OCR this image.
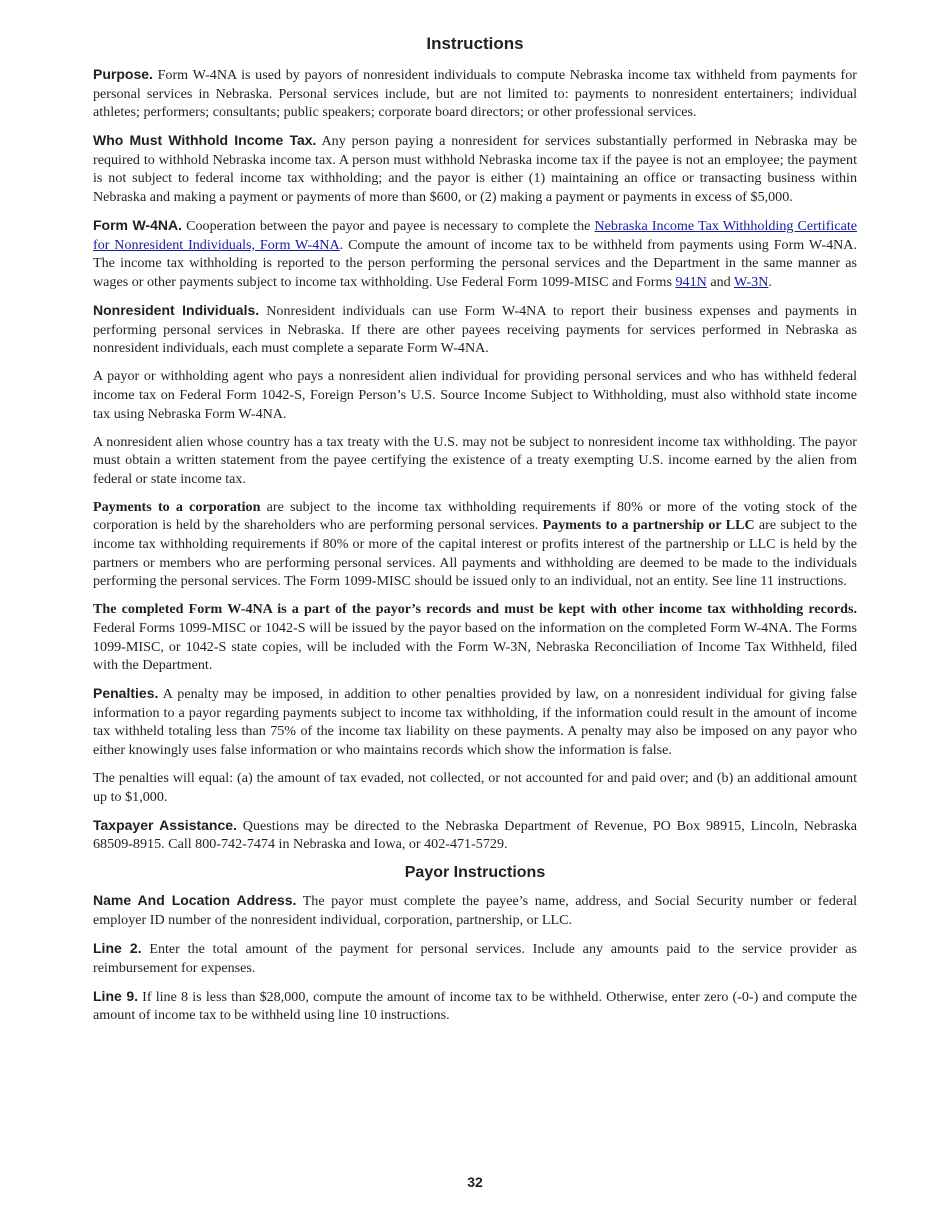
Instructions

Purpose. Form W-4NA is used by payors of nonresident individuals to compute Nebraska income tax withheld from payments for personal services in Nebraska. Personal services include, but are not limited to: payments to nonresident entertainers; individual athletes; performers; consultants; public speakers; corporate board directors; or other professional services.

Who Must Withhold Income Tax. Any person paying a nonresident for services substantially performed in Nebraska may be required to withhold Nebraska income tax. A person must withhold Nebraska income tax if the payee is not an employee; the payment is not subject to federal income tax withholding; and the payor is either (1) maintaining an office or transacting business within Nebraska and making a payment or payments of more than $600, or (2) making a payment or payments in excess of $5,000.

Form W-4NA. Cooperation between the payor and payee is necessary to complete the Nebraska Income Tax Withholding Certificate for Nonresident Individuals, Form W-4NA. Compute the amount of income tax to be withheld from payments using Form W-4NA. The income tax withholding is reported to the person performing the personal services and the Department in the same manner as wages or other payments subject to income tax withholding. Use Federal Form 1099-MISC and Forms 941N and W-3N.

Nonresident Individuals. Nonresident individuals can use Form W-4NA to report their business expenses and payments in performing personal services in Nebraska. If there are other payees receiving payments for services performed in Nebraska as nonresident individuals, each must complete a separate Form W-4NA.

A payor or withholding agent who pays a nonresident alien individual for providing personal services and who has withheld federal income tax on Federal Form 1042-S, Foreign Person’s U.S. Source Income Subject to Withholding, must also withhold state income tax using Nebraska Form W-4NA.

A nonresident alien whose country has a tax treaty with the U.S. may not be subject to nonresident income tax withholding. The payor must obtain a written statement from the payee certifying the existence of a treaty exempting U.S. income earned by the alien from federal or state income tax.

Payments to a corporation are subject to the income tax withholding requirements if 80% or more of the voting stock of the corporation is held by the shareholders who are performing personal services. Payments to a partnership or LLC are subject to the income tax withholding requirements if 80% or more of the capital interest or profits interest of the partnership or LLC is held by the partners or members who are performing personal services. All payments and withholding are deemed to be made to the individuals performing the personal services. The Form 1099-MISC should be issued only to an individual, not an entity. See line 11 instructions.

The completed Form W-4NA is a part of the payor’s records and must be kept with other income tax withholding records. Federal Forms 1099-MISC or 1042-S will be issued by the payor based on the information on the completed Form W-4NA. The Forms 1099-MISC, or 1042-S state copies, will be included with the Form W-3N, Nebraska Reconciliation of Income Tax Withheld, filed with the Department.

Penalties. A penalty may be imposed, in addition to other penalties provided by law, on a nonresident individual for giving false information to a payor regarding payments subject to income tax withholding, if the information could result in the amount of income tax withheld totaling less than 75% of the income tax liability on these payments. A penalty may also be imposed on any payor who either knowingly uses false information or who maintains records which show the information is false.

The penalties will equal: (a) the amount of tax evaded, not collected, or not accounted for and paid over; and (b) an additional amount up to $1,000.

Taxpayer Assistance. Questions may be directed to the Nebraska Department of Revenue, PO Box 98915, Lincoln, Nebraska 68509-8915. Call 800-742-7474 in Nebraska and Iowa, or 402-471-5729.

Payor Instructions

Name And Location Address. The payor must complete the payee’s name, address, and Social Security number or federal employer ID number of the nonresident individual, corporation, partnership, or LLC.

Line 2. Enter the total amount of the payment for personal services. Include any amounts paid to the service provider as reimbursement for expenses.

Line 9. If line 8 is less than $28,000, compute the amount of income tax to be withheld. Otherwise, enter zero (-0-) and compute the amount of income tax to be withheld using line 10 instructions.

32
